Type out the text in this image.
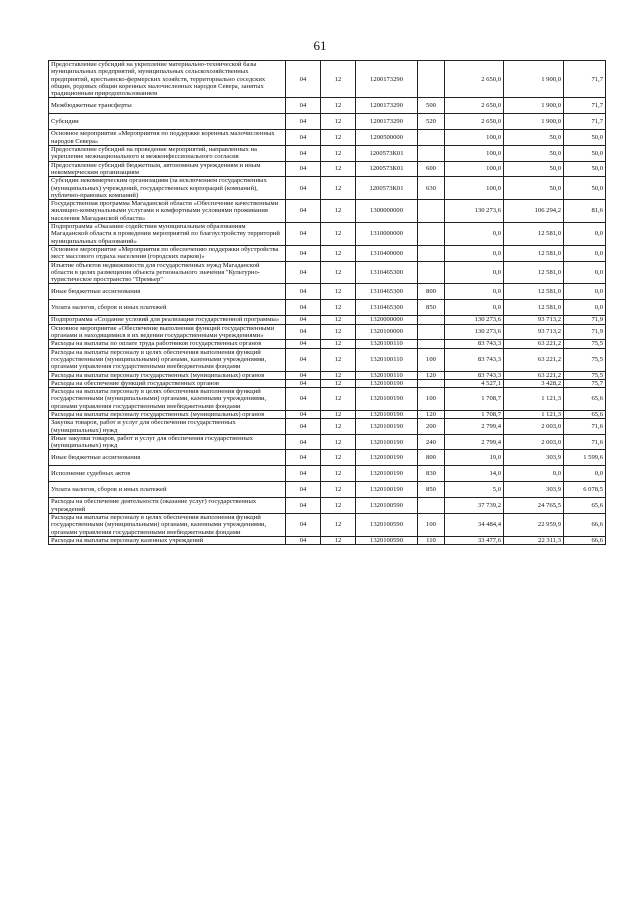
61
Предоставление субсидий на укрепление материально-технической базы муниципальных предприятий, муниципальных сельскохозяйственных предприятий, крестьянско-фермерских хозяйств, территориально соседских общин, родовых общин коренных малочисленных народов Севера, занятых традиционным природопользованием	04	12	1200173290		2 650,0	1 900,0	71,7
Межбюджетные трансферты	04	12	1200173290	500	2 650,0	1 900,0	71,7
Субсидии	04	12	1200173290	520	2 650,0	1 900,0	71,7
Основное мероприятие «Мероприятия по поддержке коренных малочисленных народов Севера»	04	12	1200500000		100,0	50,0	50,0
Предоставление субсидий на проведение мероприятий, направленных на укрепление межнационального и межконфессионального согласия	04	12	1200573К01		100,0	50,0	50,0
Предоставление субсидий бюджетным, автономным учреждениям и иным некоммерческим организациям	04	12	1200573К01	600	100,0	50,0	50,0
Субсидии некоммерческим организациям (за исключением государственных (муниципальных) учреждений, государственных корпораций (компаний), публично-правовых компаний)	04	12	1200573К01	630	100,0	50,0	50,0
Государственная программа Магаданской области «Обеспечение качественными жилищно-коммунальными услугами и комфортными условиями проживания населения Магаданской области»	04	12	1300000000		130 273,6	106 294,2	81,6
Подпрограмма «Оказание содействия муниципальным образованиям Магаданской области в проведении мероприятий по благоустройству территорий муниципальных образований»	04	12	1310000000		0,0	12 581,0	0,0
Основное мероприятие «Мероприятия по обеспечению поддержки обустройства мест массового отдыха населения (городских парков)»	04	12	1310400000		0,0	12 581,0	0,0
Изъятие объектов недвижимости для государственных нужд Магаданской области в целях размещения объекта регионального значения "Культурно-туристическое пространство "Премьер"	04	12	1310465300		0,0	12 581,0	0,0
Иные бюджетные ассигнования	04	12	1310465300	800	0,0	12 581,0	0,0
Уплата налогов, сборов и иных платежей	04	12	1310465300	850	0,0	12 581,0	0,0
Подпрограмма «Создание условий для реализации государственной программы»	04	12	1320000000		130 273,6	93 713,2	71,9
Основное мероприятие «Обеспечение выполнения функций государственными органами и находящимися в их ведении государственными учреждениями»	04	12	1320100000		130 273,6	93 713,2	71,9
Расходы на выплаты по оплате труда работников государственных органов	04	12	1320100110		83 743,3	63 221,2	75,5
Расходы на выплаты персоналу в целях обеспечения выполнения функций государственными (муниципальными) органами, казенными учреждениями, органами управления государственными внебюджетными фондами	04	12	1320100110	100	83 743,3	63 221,2	75,5
Расходы на выплаты персоналу государственных (муниципальных) органов	04	12	1320100110	120	83 743,3	63 221,2	75,5
Расходы на обеспечение функций государственных органов	04	12	1320100190		4 527,1	3 428,2	75,7
Расходы на выплаты персоналу в целях обеспечения выполнения функций государственными (муниципальными) органами, казенными учреждениями, органами управления государственными внебюджетными фондами	04	12	1320100190	100	1 708,7	1 121,3	65,6
Расходы на выплаты персоналу государственных (муниципальных) органов	04	12	1320100190	120	1 708,7	1 121,3	65,6
Закупка товаров, работ и услуг для обеспечения государственных (муниципальных) нужд	04	12	1320100190	200	2 799,4	2 003,0	71,6
Иные закупки товаров, работ и услуг для обеспечения государственных (муниципальных) нужд	04	12	1320100190	240	2 799,4	2 003,0	71,6
Иные бюджетные ассигнования	04	12	1320100190	800	19,0	303,9	1 599,6
Исполнение судебных актов	04	12	1320100190	830	14,0	0,0	0,0
Уплата налогов, сборов и иных платежей	04	12	1320100190	850	5,0	303,9	6 078,5
Расходы на обеспечение деятельности (оказание услуг) государственных учреждений	04	12	1320100590		37 739,2	24 765,5	65,6
Расходы на выплаты персоналу в целях обеспечения выполнения функций государственными (муниципальными) органами, казенными учреждениями, органами управления государственными внебюджетными фондами	04	12	1320100590	100	34 484,4	22 959,9	66,6
Расходы на выплаты персоналу казенных учреждений	04	12	1320100590	110	33 477,6	22 311,3	66,6
